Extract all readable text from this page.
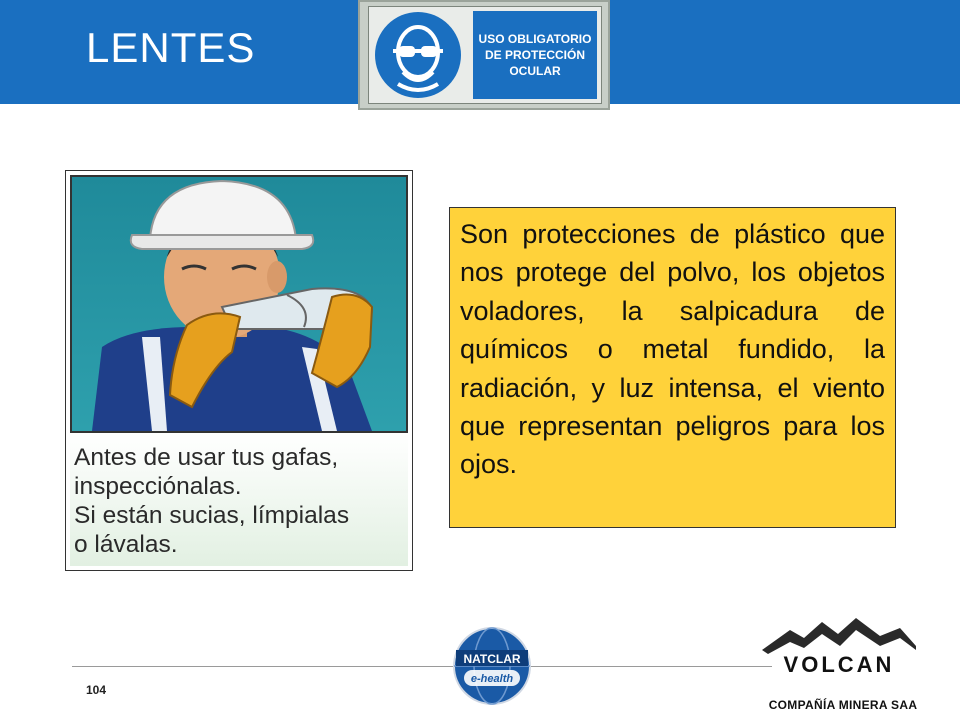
LENTES	USO OBLIGATORIO
DE PROTECCIÓN
OCULAR
Antes de usar tus gafas,
inspecciónalas.
Si están sucias, límpialas
o lávalas.
Son protecciones de plástico que nos protege del polvo, los objetos voladores, la salpicadura de químicos o metal fundido, la radiación, y luz intensa, el viento que representan peligros para los ojos.
104
NATCLAR
e-health
VOLCAN
COMPAÑÍA MINERA SAA
